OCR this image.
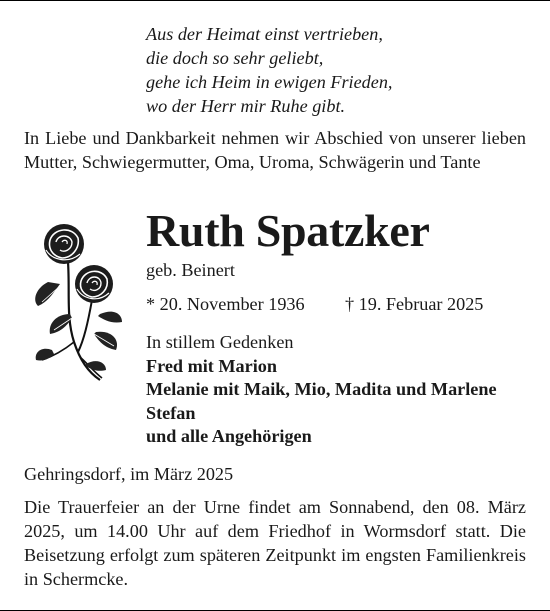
Aus der Heimat einst vertrieben,
die doch so sehr geliebt,
gehe ich Heim in ewigen Frieden,
wo der Herr mir Ruhe gibt.
In Liebe und Dankbarkeit nehmen wir Abschied von unserer lieben Mutter, Schwiegermutter, Oma, Uroma, Schwägerin und Tante
Ruth Spatzker
geb. Beinert
* 20. November 1936 † 19. Februar 2025
In stillem Gedenken
Fred mit Marion
Melanie mit Maik, Mio, Madita und Marlene
Stefan
und alle Angehörigen
Gehringsdorf, im März 2025
Die Trauerfeier an der Urne findet am Sonnabend, den 08. März 2025, um 14.00 Uhr auf dem Friedhof in Wormsdorf statt. Die Beisetzung erfolgt zum späteren Zeitpunkt im engsten Familienkreis in Schermcke.
